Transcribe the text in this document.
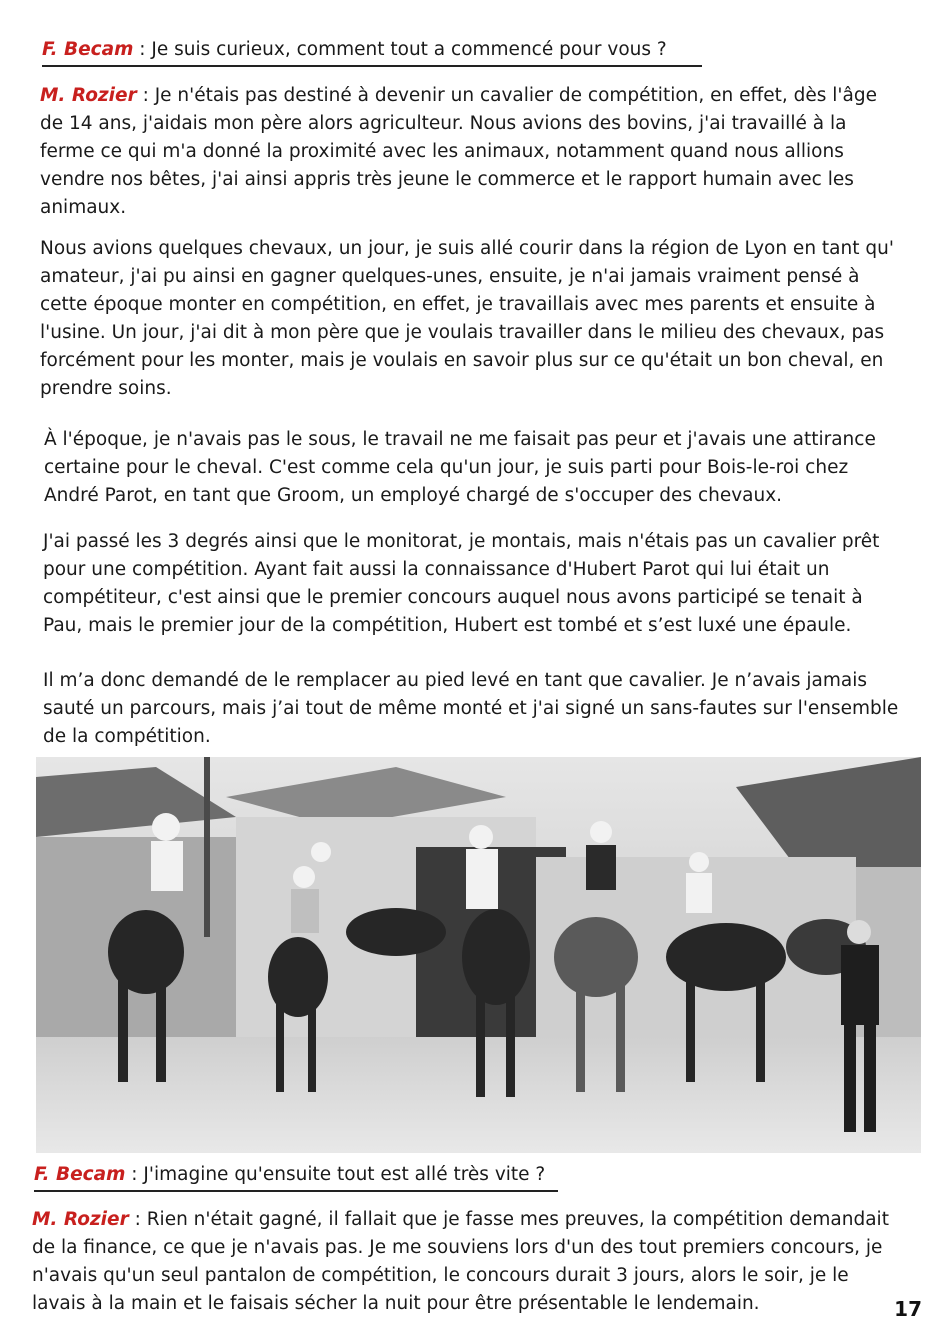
F. Becam : Je suis curieux, comment tout a commencé pour vous ?

M. Rozier : Je n'étais pas destiné à devenir un cavalier de compétition, en effet, dès l'âge
de 14 ans, j'aidais mon père alors agriculteur. Nous avions des bovins, j'ai travaillé à la
ferme ce qui m'a donné la proximité avec les animaux, notamment quand nous allions
vendre nos bêtes, j'ai ainsi appris très jeune le commerce et le rapport humain avec les
animaux.

Nous avions quelques chevaux, un jour, je suis allé courir dans la région de Lyon en tant qu'
amateur, j'ai pu ainsi en gagner quelques-unes, ensuite, je n'ai jamais vraiment pensé à
cette époque monter en compétition, en effet, je travaillais avec mes parents et ensuite à
l'usine. Un jour, j'ai dit à mon père que je voulais travailler dans le milieu des chevaux, pas
forcément pour les monter, mais je voulais en savoir plus sur ce qu'était un bon cheval, en
prendre soins.

À l'époque, je n'avais pas le sous, le travail ne me faisait pas peur et j'avais une attirance
certaine pour le cheval. C'est comme cela qu'un jour, je suis parti pour Bois-le-roi chez
André Parot, en tant que Groom, un employé chargé de s'occuper des chevaux.

J'ai passé les 3 degrés ainsi que le monitorat, je montais, mais n'étais pas un cavalier prêt
pour une compétition. Ayant fait aussi la connaissance d'Hubert Parot qui lui était un
compétiteur, c'est ainsi que le premier concours auquel nous avons participé se tenait à
Pau, mais le premier jour de la compétition, Hubert est tombé et s’est luxé une épaule.

Il m’a donc demandé de le remplacer au pied levé en tant que cavalier. Je n’avais jamais
sauté un parcours, mais j’ai tout de même monté et j'ai signé un sans-fautes sur l'ensemble
de la compétition.

F. Becam : J'imagine qu'ensuite tout est allé très vite ?

M. Rozier : Rien n'était gagné, il fallait que je fasse mes preuves, la compétition demandait
de la finance, ce que je n'avais pas. Je me souviens lors d'un des tout premiers concours, je
n'avais qu'un seul pantalon de compétition, le concours durait 3 jours, alors le soir, je le
lavais à la main et le faisais sécher la nuit pour être présentable le lendemain.	17
